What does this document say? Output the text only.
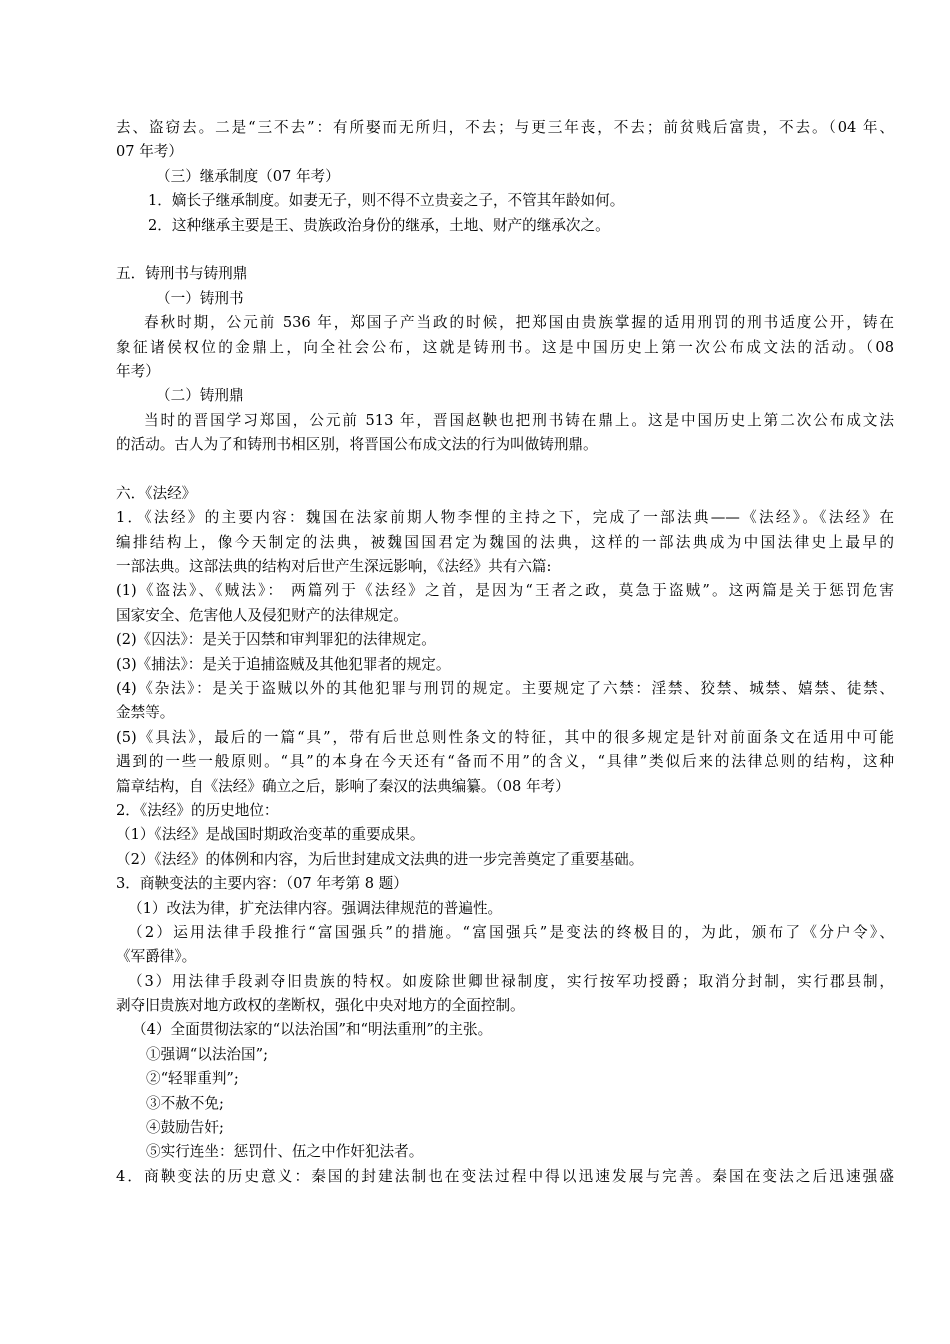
去、盗窃去。二是“三不去”：有所娶而无所归，不去；与更三年丧，不去；前贫贱后富贵，不去。（04 年、
07 年考）
（三）继承制度（07 年考）
1．嫡长子继承制度。如妻无子，则不得不立贵妾之子，不管其年龄如何。
2．这种继承主要是王、贵族政治身份的继承，土地、财产的继承次之。
五．铸刑书与铸刑鼎
（一）铸刑书
春秋时期，公元前 536 年，郑国子产当政的时候，把郑国由贵族掌握的适用刑罚的刑书适度公开，铸在
象征诸侯权位的金鼎上，向全社会公布，这就是铸刑书。这是中国历史上第一次公布成文法的活动。（08
年考）
（二）铸刑鼎
当时的晋国学习郑国，公元前 513 年，晋国赵鞅也把刑书铸在鼎上。这是中国历史上第二次公布成文法
的活动。古人为了和铸刑书相区别，将晋国公布成文法的行为叫做铸刑鼎。
六．《法经》
1．《法经》的主要内容：魏国在法家前期人物李悝的主持之下，完成了一部法典——《法经》。《法经》在
编排结构上，像今天制定的法典，被魏国国君定为魏国的法典，这样的一部法典成为中国法律史上最早的
一部法典。这部法典的结构对后世产生深远影响，《法经》共有六篇:
(1)《盗法》、《贼法》： 两篇列于《法经》之首，是因为“王者之政，莫急于盗贼”。这两篇是关于惩罚危害
国家安全、危害他人及侵犯财产的法律规定。
(2)《囚法》：是关于囚禁和审判罪犯的法律规定。
(3)《捕法》：是关于追捕盗贼及其他犯罪者的规定。
(4)《杂法》：是关于盗贼以外的其他犯罪与刑罚的规定。主要规定了六禁：淫禁、狡禁、城禁、嬉禁、徒禁、
金禁等。
(5)《具法》，最后的一篇“具”，带有后世总则性条文的特征，其中的很多规定是针对前面条文在适用中可能
遇到的一些一般原则。“具”的本身在今天还有“备而不用”的含义，“具律”类似后来的法律总则的结构，这种
篇章结构，自《法经》确立之后，影响了秦汉的法典编纂。（08 年考）
2．《法经》的历史地位：
（1）《法经》是战国时期政治变革的重要成果。
（2）《法经》的体例和内容，为后世封建成文法典的进一步完善奠定了重要基础。
3．商鞅变法的主要内容：（07 年考第 8 题）
（1）改法为律，扩充法律内容。强调法律规范的普遍性。
（2）运用法律手段推行“富国强兵”的措施。“富国强兵”是变法的终极目的，为此，颁布了《分户令》、
《军爵律》。
（3）用法律手段剥夺旧贵族的特权。如废除世卿世禄制度，实行按军功授爵；取消分封制，实行郡县制，
剥夺旧贵族对地方政权的垄断权，强化中央对地方的全面控制。
（4）全面贯彻法家的“以法治国”和“明法重刑”的主张。
①强调“以法治国”;
②“轻罪重判”;
③不赦不免;
④鼓励告奸;
⑤实行连坐：惩罚什、伍之中作奸犯法者。
4．商鞅变法的历史意义：秦国的封建法制也在变法过程中得以迅速发展与完善。秦国在变法之后迅速强盛
